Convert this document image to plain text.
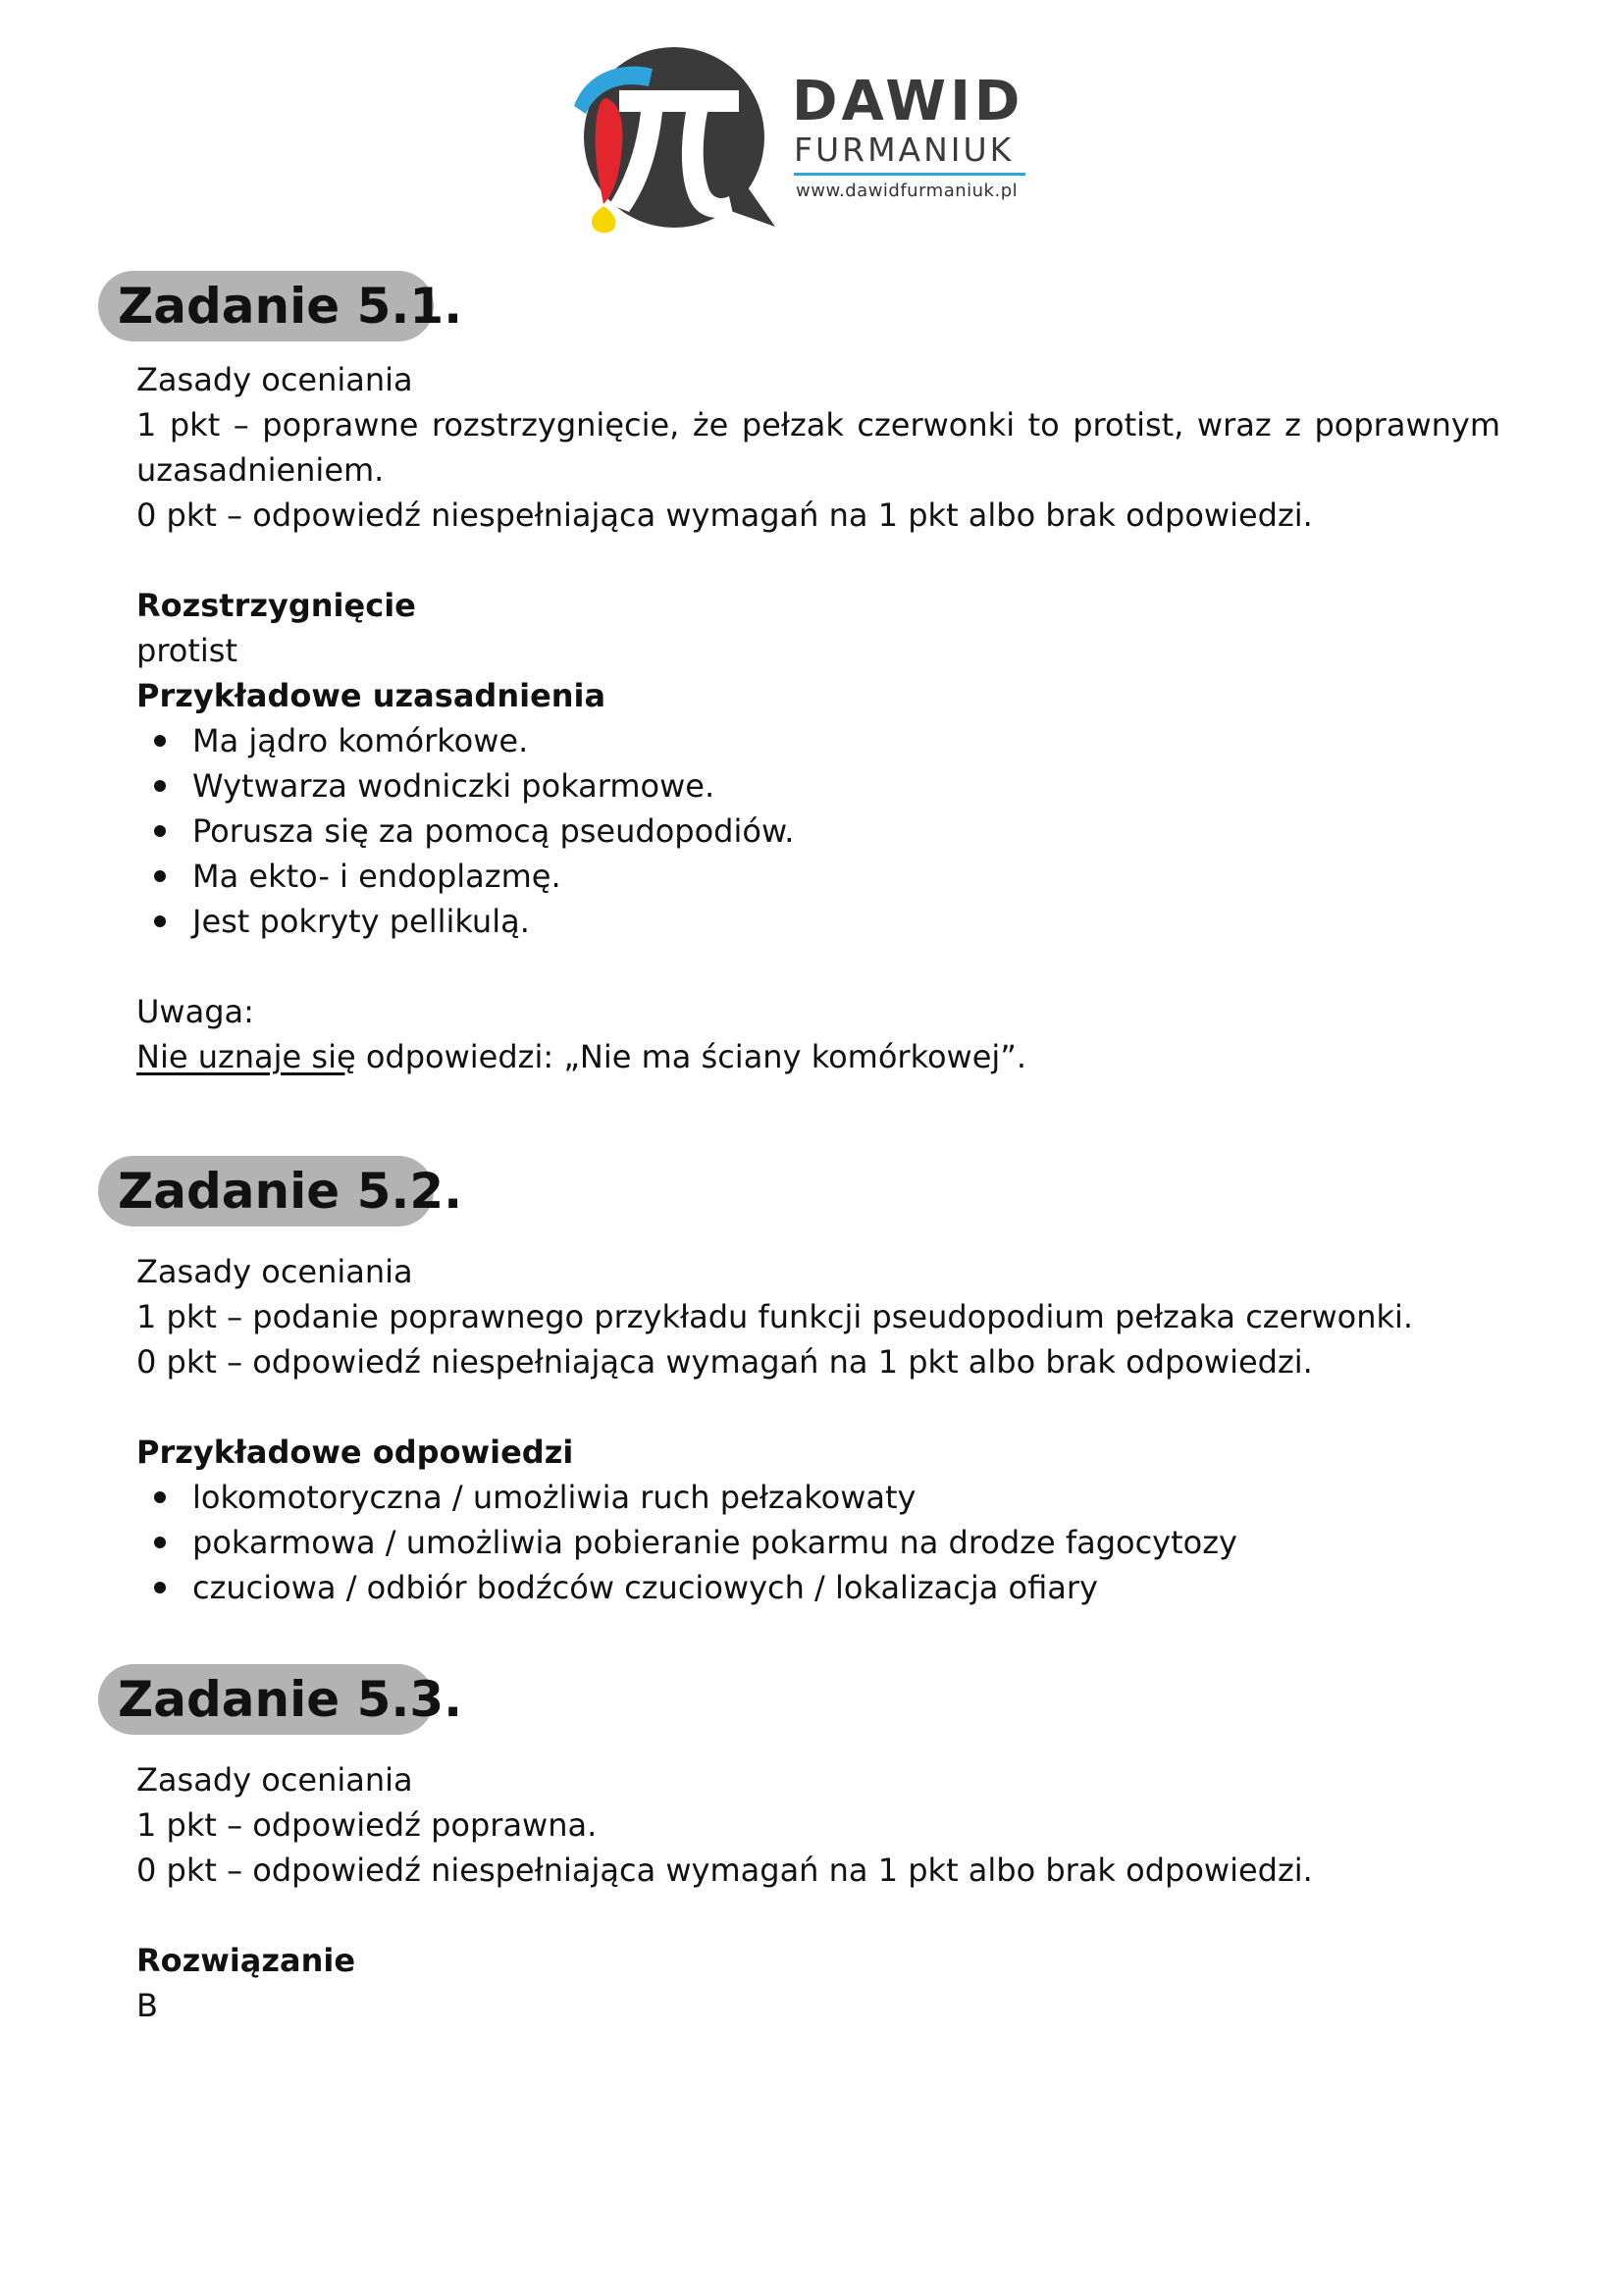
DAWID
FURMANIUK
www.dawidfurmaniuk.pl
Zadanie 5.1.
Zasady oceniania
1 pkt – poprawne rozstrzygnięcie, że pełzak czerwonki to protist, wraz z poprawnym
uzasadnieniem.
0 pkt – odpowiedź niespełniająca wymagań na 1 pkt albo brak odpowiedzi.
Rozstrzygnięcie
protist
Przykładowe uzasadnienia
Ma jądro komórkowe.
Wytwarza wodniczki pokarmowe.
Porusza się za pomocą pseudopodiów.
Ma ekto- i endoplazmę.
Jest pokryty pellikulą.
Uwaga:
Nie uznaje się odpowiedzi: „Nie ma ściany komórkowej”.
Zadanie 5.2.
Zasady oceniania
1 pkt – podanie poprawnego przykładu funkcji pseudopodium pełzaka czerwonki.
0 pkt – odpowiedź niespełniająca wymagań na 1 pkt albo brak odpowiedzi.
Przykładowe odpowiedzi
lokomotoryczna / umożliwia ruch pełzakowaty
pokarmowa / umożliwia pobieranie pokarmu na drodze fagocytozy
czuciowa / odbiór bodźców czuciowych / lokalizacja ofiary
Zadanie 5.3.
Zasady oceniania
1 pkt – odpowiedź poprawna.
0 pkt – odpowiedź niespełniająca wymagań na 1 pkt albo brak odpowiedzi.
Rozwiązanie
B
